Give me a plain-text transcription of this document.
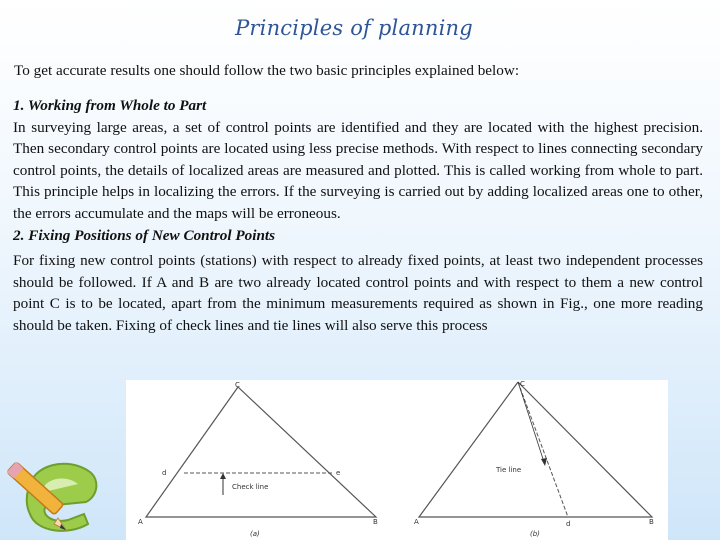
Principles of planning
To get accurate results one should follow the two basic principles explained below:
1. Working from Whole to Part

In surveying large areas, a set of control points are identified and they are located with the highest precision. Then secondary control points are located using less precise methods. With respect to lines connecting secondary control points, the details of localized areas are measured and plotted. This is called working from whole to part. This principle helps in localizing the errors. If the surveying is carried out by adding localized areas one to other, the errors accumulate and the maps will be erroneous.

2. Fixing Positions of New Control Points

For fixing new control points (stations) with respect to already fixed points, at least two independent processes should be followed. If A and B are two already located control points and with respect to them a new control point C is to be located, apart from the minimum measurements required as shown in Fig., one more reading should be taken. Fixing of check lines and tie lines will also serve this process

C
A	B
d	e
Check line
(a)
C
A	B
d
Tie line
(b)
